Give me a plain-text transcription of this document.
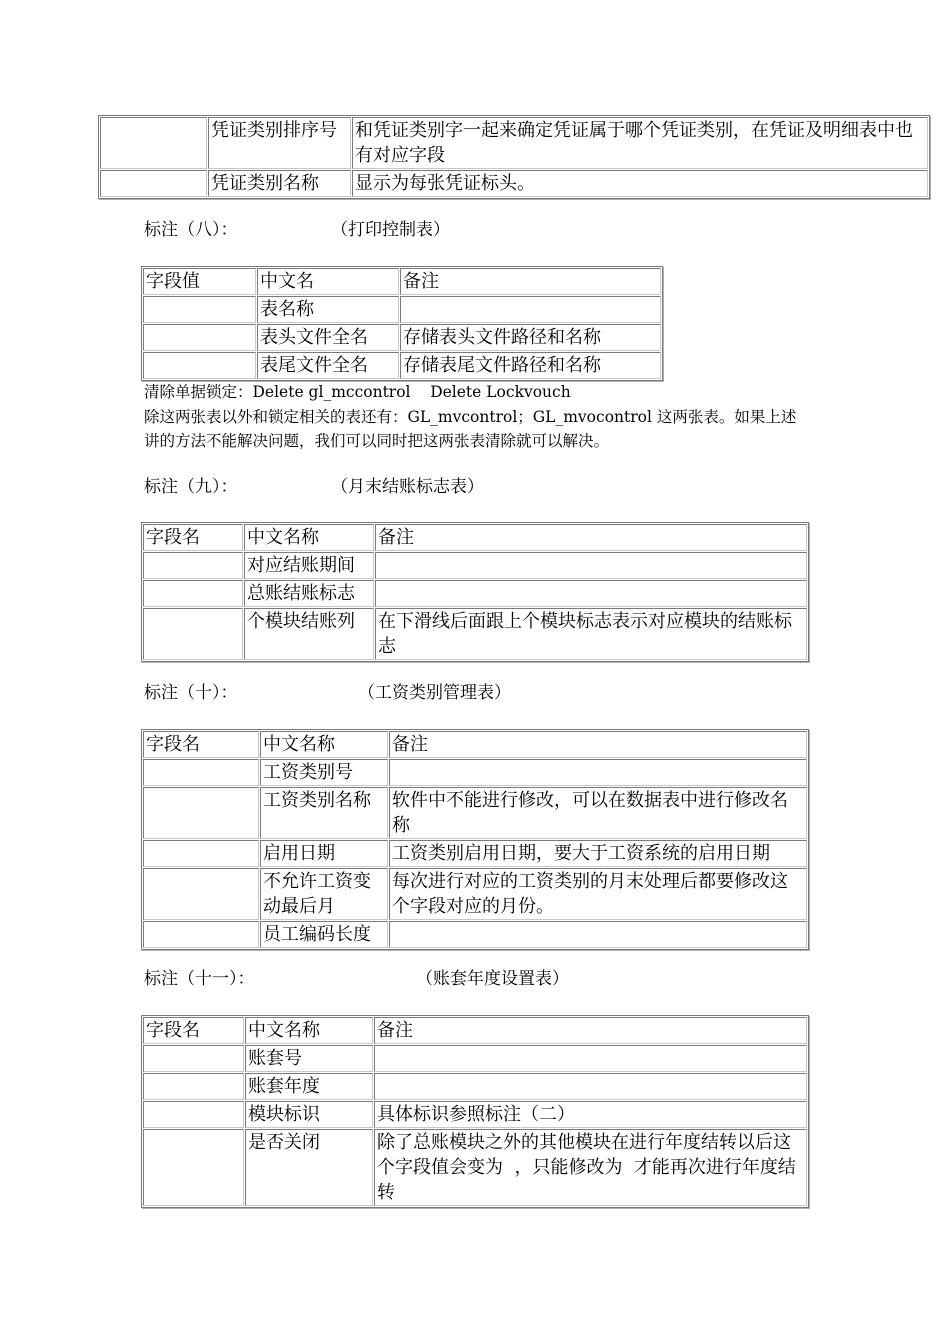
	凭证类别排序号	和凭证类别字一起来确定凭证属于哪个凭证类别，在凭证及明细表中也有对应字段
	凭证类别名称	显示为每张凭证标头。
标注（八）：	（打印控制表）
字段值	中文名	备注
	表名称	
	表头文件全名	存储表头文件路径和名称
	表尾文件全名	存储表尾文件路径和名称
清除单据锁定：Delete gl_mccontrol    Delete Lockvouch
除这两张表以外和锁定相关的表还有：GL_mvcontrol；GL_mvocontrol 这两张表。如果上述
讲的方法不能解决问题，我们可以同时把这两张表清除就可以解决。
标注（九）：	（月末结账标志表）
字段名	中文名称	备注
	对应结账期间	
	总账结账标志	
	个模块结账列	在下滑线后面跟上个模块标志表示对应模块的结账标志
标注（十）：	（工资类别管理表）
字段名	中文名称	备注
	工资类别号	
	工资类别名称	软件中不能进行修改，可以在数据表中进行修改名称
	启用日期	工资类别启用日期，要大于工资系统的启用日期
	不允许工资变动最后月	每次进行对应的工资类别的月末处理后都要修改这个字段对应的月份。
	员工编码长度	
标注（十一）：	（账套年度设置表）
字段名	中文名称	备注
	账套号	
	账套年度	
	模块标识	具体标识参照标注（二）
	是否关闭	除了总账模块之外的其他模块在进行年度结转以后这个字段值会变为  ，只能修改为  才能再次进行年度结转
